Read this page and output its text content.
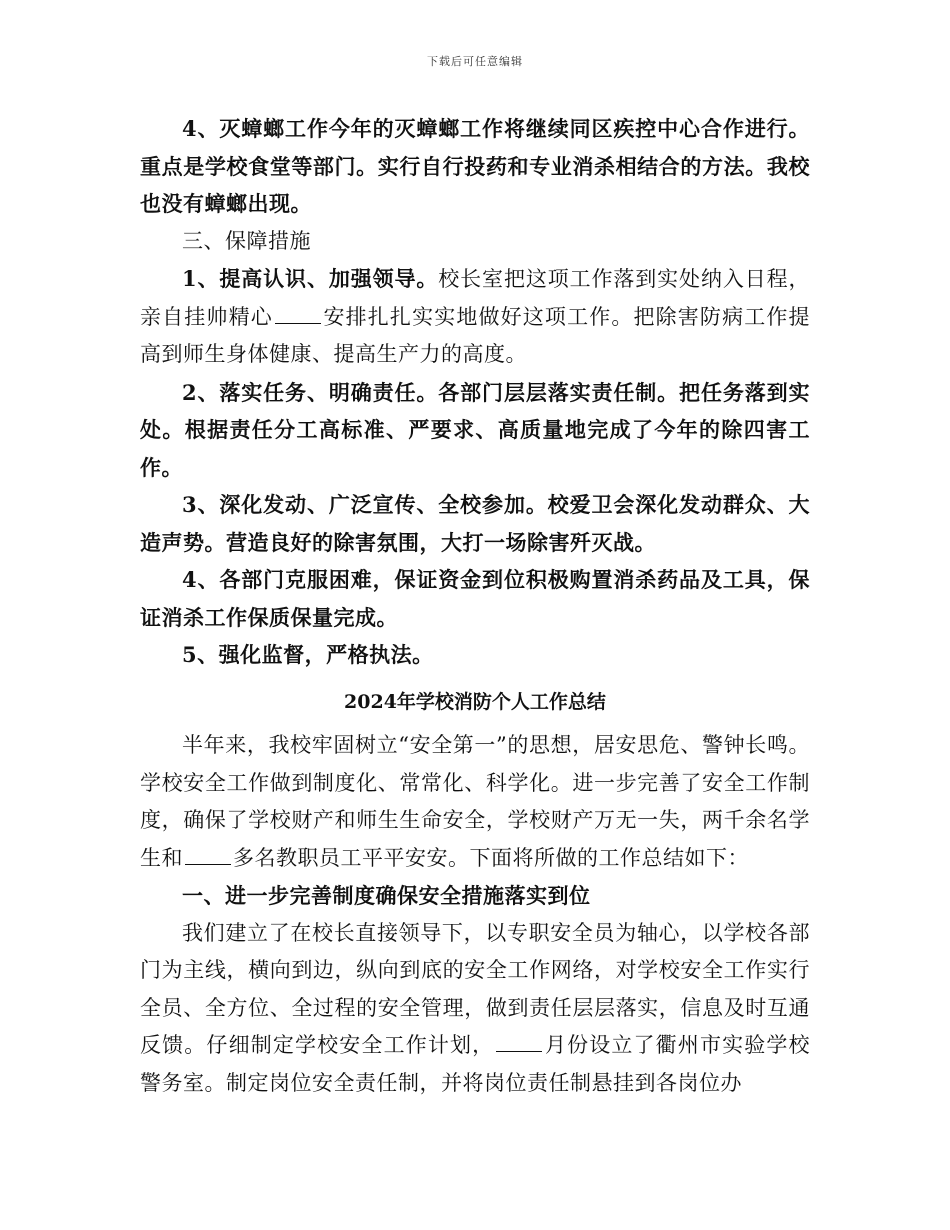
下载后可任意编辑

4、灭蟑螂工作今年的灭蟑螂工作将继续同区疾控中心合作进行。重点是学校食堂等部门。实行自行投药和专业消杀相结合的方法。我校也没有蟑螂出现。

三、保障措施

1、提高认识、加强领导。校长室把这项工作落到实处纳入日程，亲自挂帅精心 安排扎扎实实地做好这项工作。把除害防病工作提高到师生身体健康、提高生产力的高度。

2、落实任务、明确责任。各部门层层落实责任制。把任务落到实处。根据责任分工高标准、严要求、高质量地完成了今年的除四害工作。

3、深化发动、广泛宣传、全校参加。校爱卫会深化发动群众、大造声势。营造良好的除害氛围，大打一场除害歼灭战。

4、各部门克服困难，保证资金到位积极购置消杀药品及工具，保证消杀工作保质保量完成。

5、强化监督，严格执法。

2024年学校消防个人工作总结

半年来，我校牢固树立“安全第一”的思想，居安思危、警钟长鸣。学校安全工作做到制度化、常常化、科学化。进一步完善了安全工作制度，确保了学校财产和师生生命安全，学校财产万无一失，两千余名学生和 多名教职员工平平安安。下面将所做的工作总结如下：

一、进一步完善制度确保安全措施落实到位

我们建立了在校长直接领导下，以专职安全员为轴心，以学校各部门为主线，横向到边，纵向到底的安全工作网络，对学校安全工作实行全员、全方位、全过程的安全管理，做到责任层层落实，信息及时互通反馈。仔细制定学校安全工作计划， 月份设立了衢州市实验学校警务室。制定岗位安全责任制，并将岗位责任制悬挂到各岗位办
